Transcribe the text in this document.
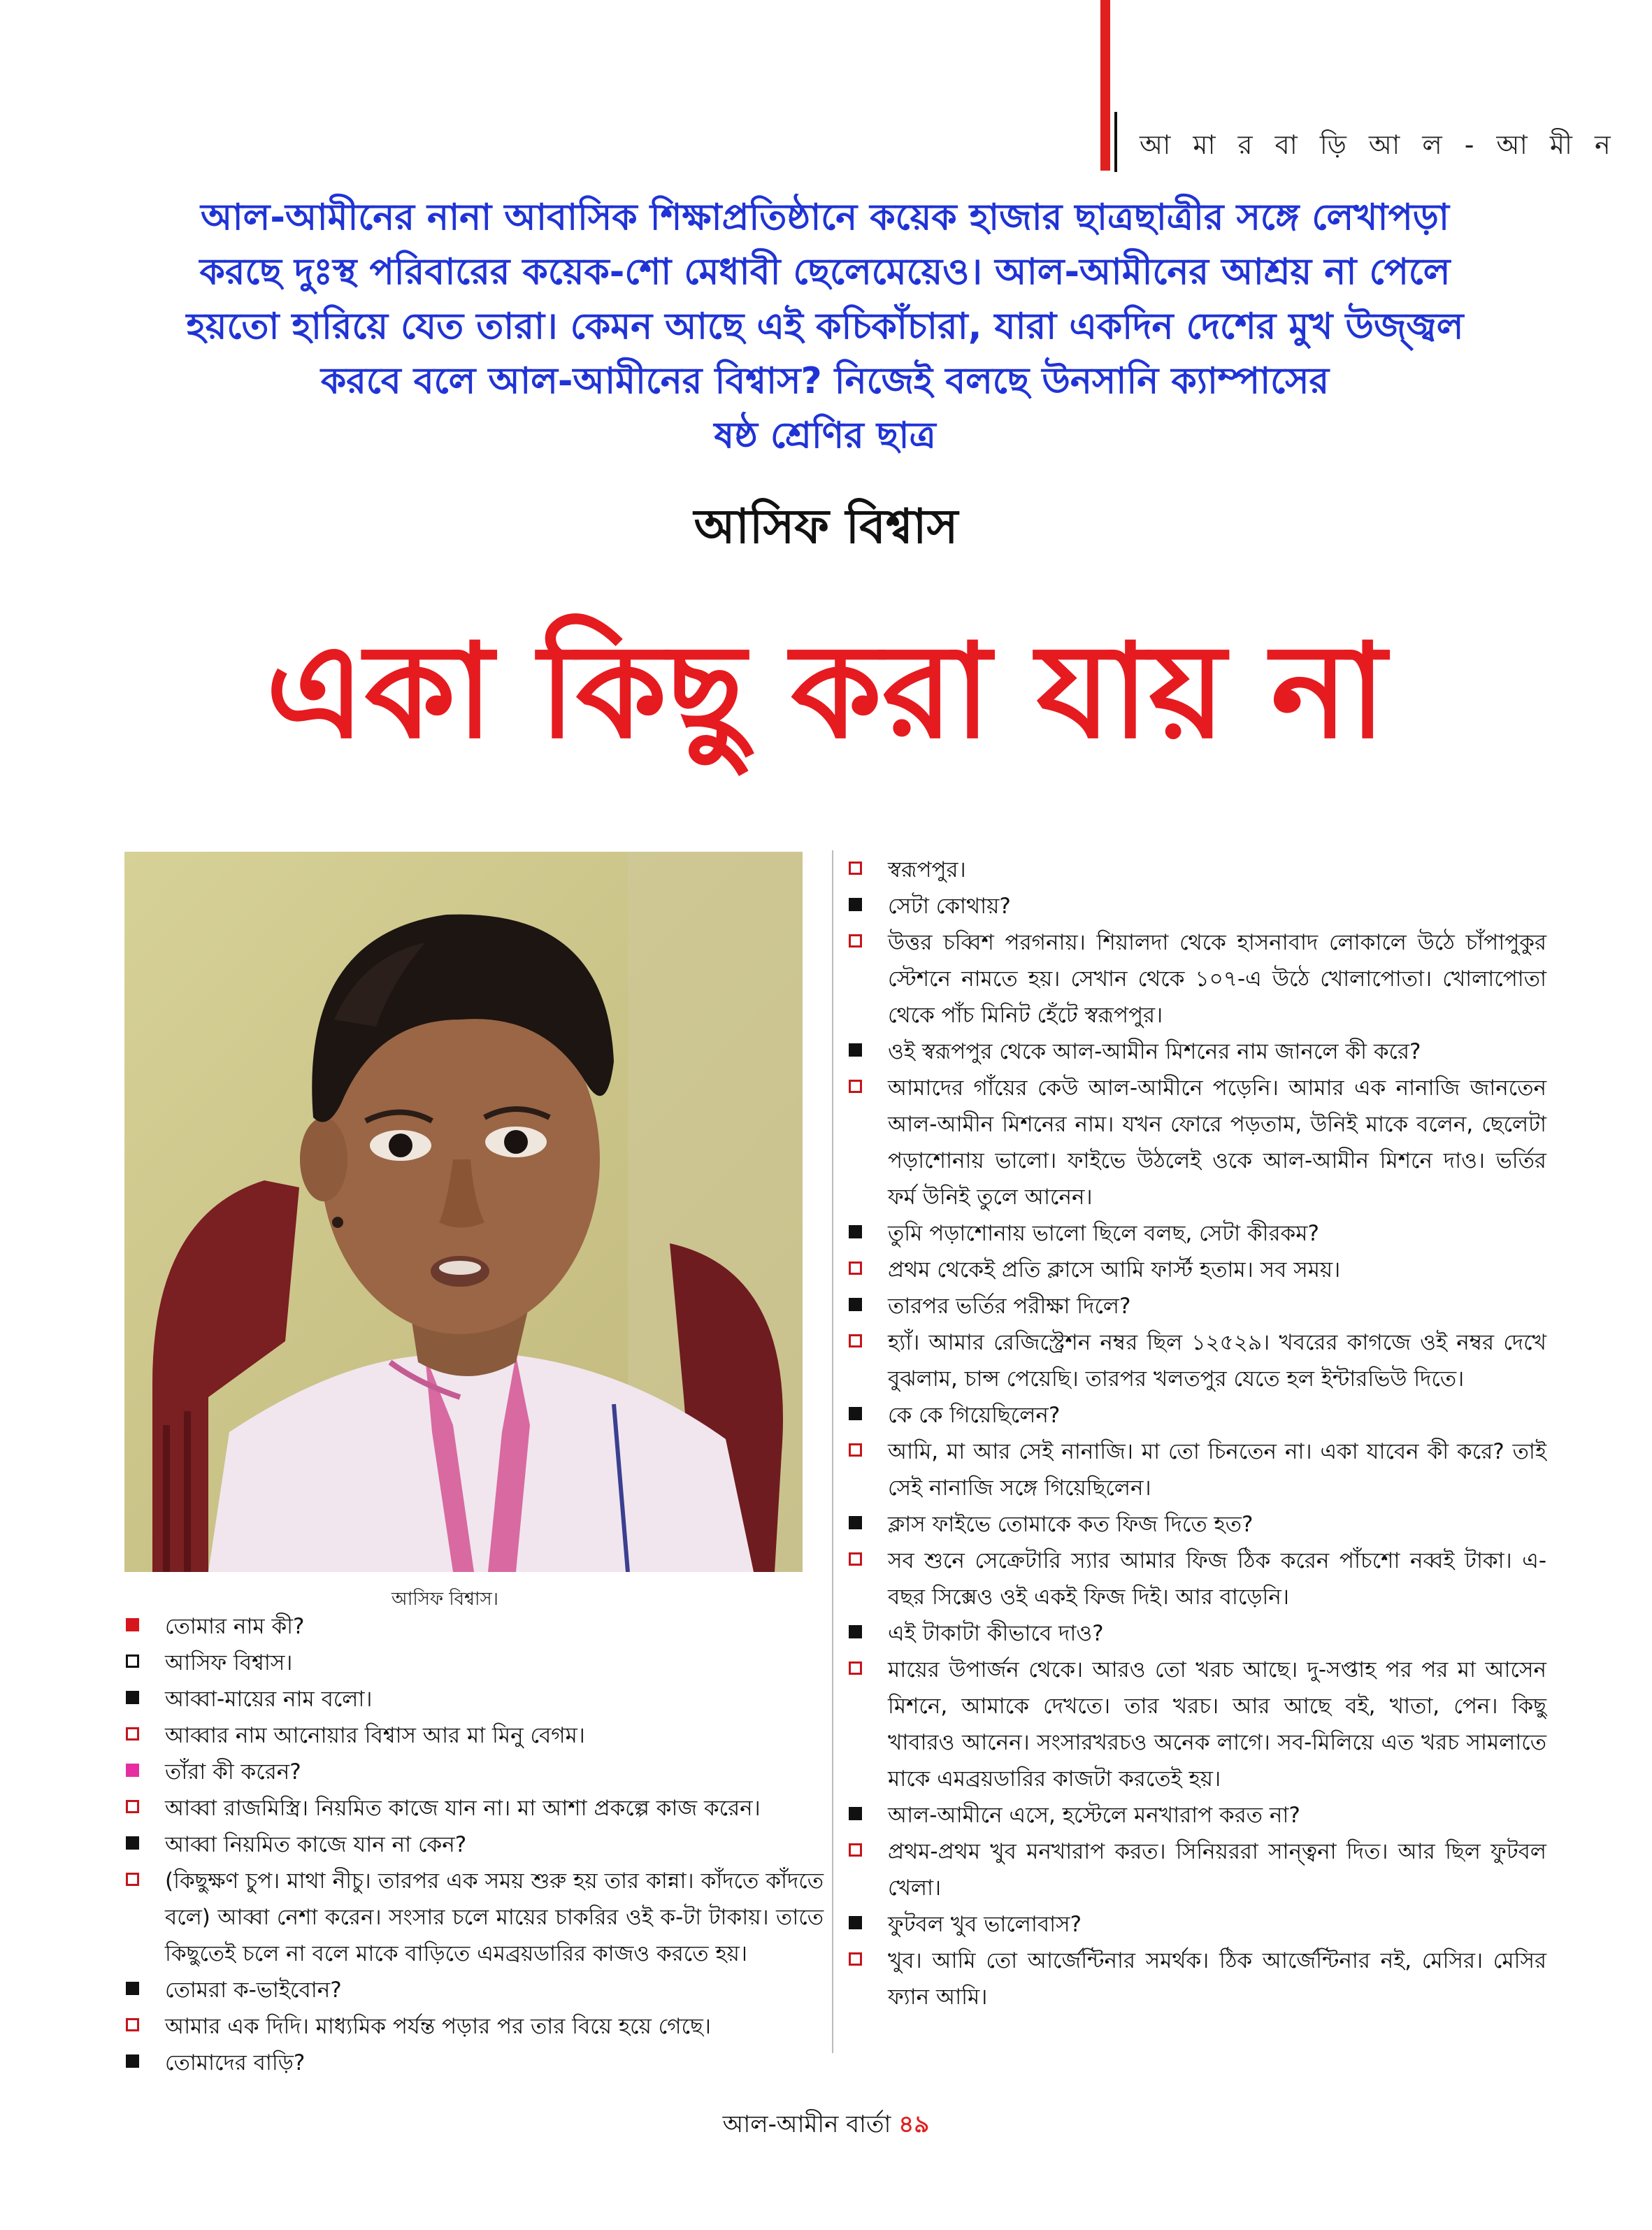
আ মা র বা ড়ি আ ল - আ মী ন
আল-আমীনের নানা আবাসিক শিক্ষাপ্রতিষ্ঠানে কয়েক হাজার ছাত্রছাত্রীর সঙ্গে লেখাপড়া
করছে দুঃস্থ পরিবারের কয়েক-শো মেধাবী ছেলেমেয়েও। আল-আমীনের আশ্রয় না পেলে
হয়তো হারিয়ে যেত তারা। কেমন আছে এই কচিকাঁচারা, যারা একদিন দেশের মুখ উজ্জ্বল
করবে বলে আল-আমীনের বিশ্বাস? নিজেই বলছে উনসানি ক্যাম্পাসের
ষষ্ঠ শ্রেণির ছাত্র
আসিফ বিশ্বাস
একা কিছু করা যায় না
আসিফ বিশ্বাস।
তোমার নাম কী?
আসিফ বিশ্বাস।
আব্বা-মায়ের নাম বলো।
আব্বার নাম আনোয়ার বিশ্বাস আর মা মিনু বেগম।
তাঁরা কী করেন?
আব্বা রাজমিস্ত্রি। নিয়মিত কাজে যান না। মা আশা প্রকল্পে কাজ করেন।
আব্বা নিয়মিত কাজে যান না কেন?
(কিছুক্ষণ চুপ। মাথা নীচু। তারপর এক সময় শুরু হয় তার কান্না। কাঁদতে কাঁদতে বলে) আব্বা নেশা করেন। সংসার চলে মায়ের চাকরির ওই ক-টা টাকায়। তাতে কিছুতেই চলে না বলে মাকে বাড়িতে এমব্রয়ডারির কাজও করতে হয়।
তোমরা ক-ভাইবোন?
আমার এক দিদি। মাধ্যমিক পর্যন্ত পড়ার পর তার বিয়ে হয়ে গেছে।
তোমাদের বাড়ি?
স্বরূপপুর।
সেটা কোথায়?
উত্তর চব্বিশ পরগনায়। শিয়ালদা থেকে হাসনাবাদ লোকালে উঠে চাঁপাপুকুর স্টেশনে নামতে হয়। সেখান থেকে ১০৭-এ উঠে খোলাপোতা। খোলাপোতা থেকে পাঁচ মিনিট হেঁটে স্বরূপপুর।
ওই স্বরূপপুর থেকে আল-আমীন মিশনের নাম জানলে কী করে?
আমাদের গাঁয়ের কেউ আল-আমীনে পড়েনি। আমার এক নানাজি জানতেন আল-আমীন মিশনের নাম। যখন ফোরে পড়তাম, উনিই মাকে বলেন, ছেলেটা পড়াশোনায় ভালো। ফাইভে উঠলেই ওকে আল-আমীন মিশনে দাও। ভর্তির ফর্ম উনিই তুলে আনেন।
তুমি পড়াশোনায় ভালো ছিলে বলছ, সেটা কীরকম?
প্রথম থেকেই প্রতি ক্লাসে আমি ফার্স্ট হতাম। সব সময়।
তারপর ভর্তির পরীক্ষা দিলে?
হ্যাঁ। আমার রেজিস্ট্রেশন নম্বর ছিল ১২৫২৯। খবরের কাগজে ওই নম্বর দেখে বুঝলাম, চান্স পেয়েছি। তারপর খলতপুর যেতে হল ইন্টারভিউ দিতে।
কে কে গিয়েছিলেন?
আমি, মা আর সেই নানাজি। মা তো চিনতেন না। একা যাবেন কী করে? তাই সেই নানাজি সঙ্গে গিয়েছিলেন।
ক্লাস ফাইভে তোমাকে কত ফিজ দিতে হত?
সব শুনে সেক্রেটারি স্যার আমার ফিজ ঠিক করেন পাঁচশো নব্বই টাকা। এ-বছর সিক্সেও ওই একই ফিজ দিই। আর বাড়েনি।
এই টাকাটা কীভাবে দাও?
মায়ের উপার্জন থেকে। আরও তো খরচ আছে। দু-সপ্তাহ পর পর মা আসেন মিশনে, আমাকে দেখতে। তার খরচ। আর আছে বই, খাতা, পেন। কিছু খাবারও আনেন। সংসারখরচও অনেক লাগে। সব-মিলিয়ে এত খরচ সামলাতে মাকে এমব্রয়ডারির কাজটা করতেই হয়।
আল-আমীনে এসে, হস্টেলে মনখারাপ করত না?
প্রথম-প্রথম খুব মনখারাপ করত। সিনিয়ররা সান্ত্বনা দিত। আর ছিল ফুটবল খেলা।
ফুটবল খুব ভালোবাস?
খুব। আমি তো আর্জেন্টিনার সমর্থক। ঠিক আর্জেন্টিনার নই, মেসির। মেসির ফ্যান আমি।
আল-আমীন বার্তা ৪৯
